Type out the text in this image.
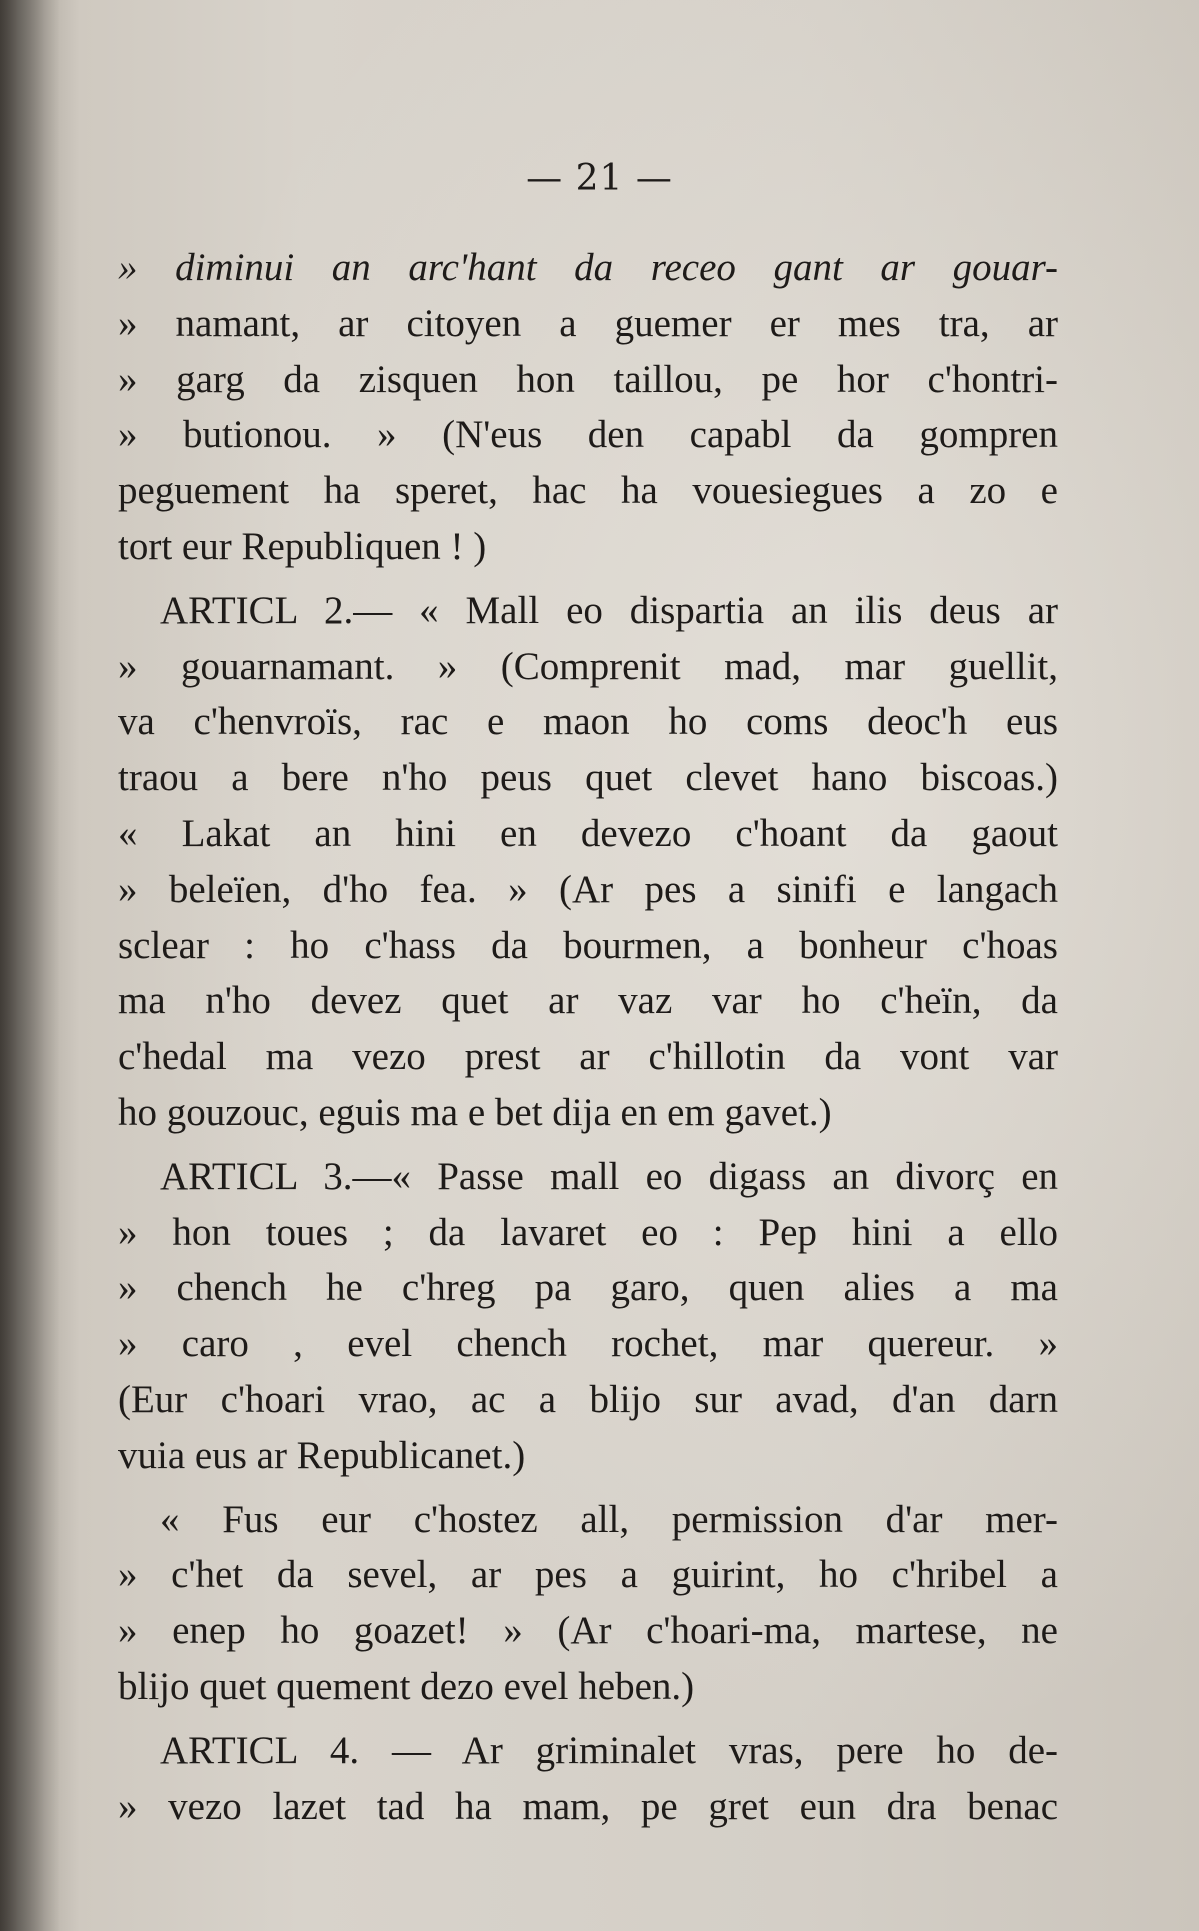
— 21 —
» diminui an arc'hant da receo gant ar gouar-
» namant, ar citoyen a guemer er mes tra, ar
» garg da zisquen hon taillou, pe hor c'hontri-
» butionou. » (N'eus den capabl da gompren
peguement ha speret, hac ha vouesiegues a zo e
tort eur Republiquen ! )
ARTICL 2.— « Mall eo dispartia an ilis deus ar
» gouarnamant. » (Comprenit mad, mar guellit,
va c'henvroïs, rac e maon ho coms deoc'h eus
traou a bere n'ho peus quet clevet hano biscoas.)
« Lakat an hini en devezo c'hoant da gaout
» beleïen, d'ho fea. » (Ar pes a sinifi e langach
sclear : ho c'hass da bourmen, a bonheur c'hoas
ma n'ho devez quet ar vaz var ho c'heïn, da
c'hedal ma vezo prest ar c'hillotin da vont var
ho gouzouc, eguis ma e bet dija en em gavet.)
ARTICL 3.—« Passe mall eo digass an divorç en
» hon toues ; da lavaret eo : Pep hini a ello
» chench he c'hreg pa garo, quen alies a ma
» caro , evel chench rochet, mar quereur. »
(Eur c'hoari vrao, ac a blijo sur avad, d'an darn
vuia eus ar Republicanet.)
« Fus eur c'hostez all, permission d'ar mer-
» c'het da sevel, ar pes a guirint, ho c'hribel a
» enep ho goazet! » (Ar c'hoari-ma, martese, ne
blijo quet quement dezo evel heben.)
ARTICL 4. — Ar griminalet vras, pere ho de-
» vezo lazet tad ha mam, pe gret eun dra benac
